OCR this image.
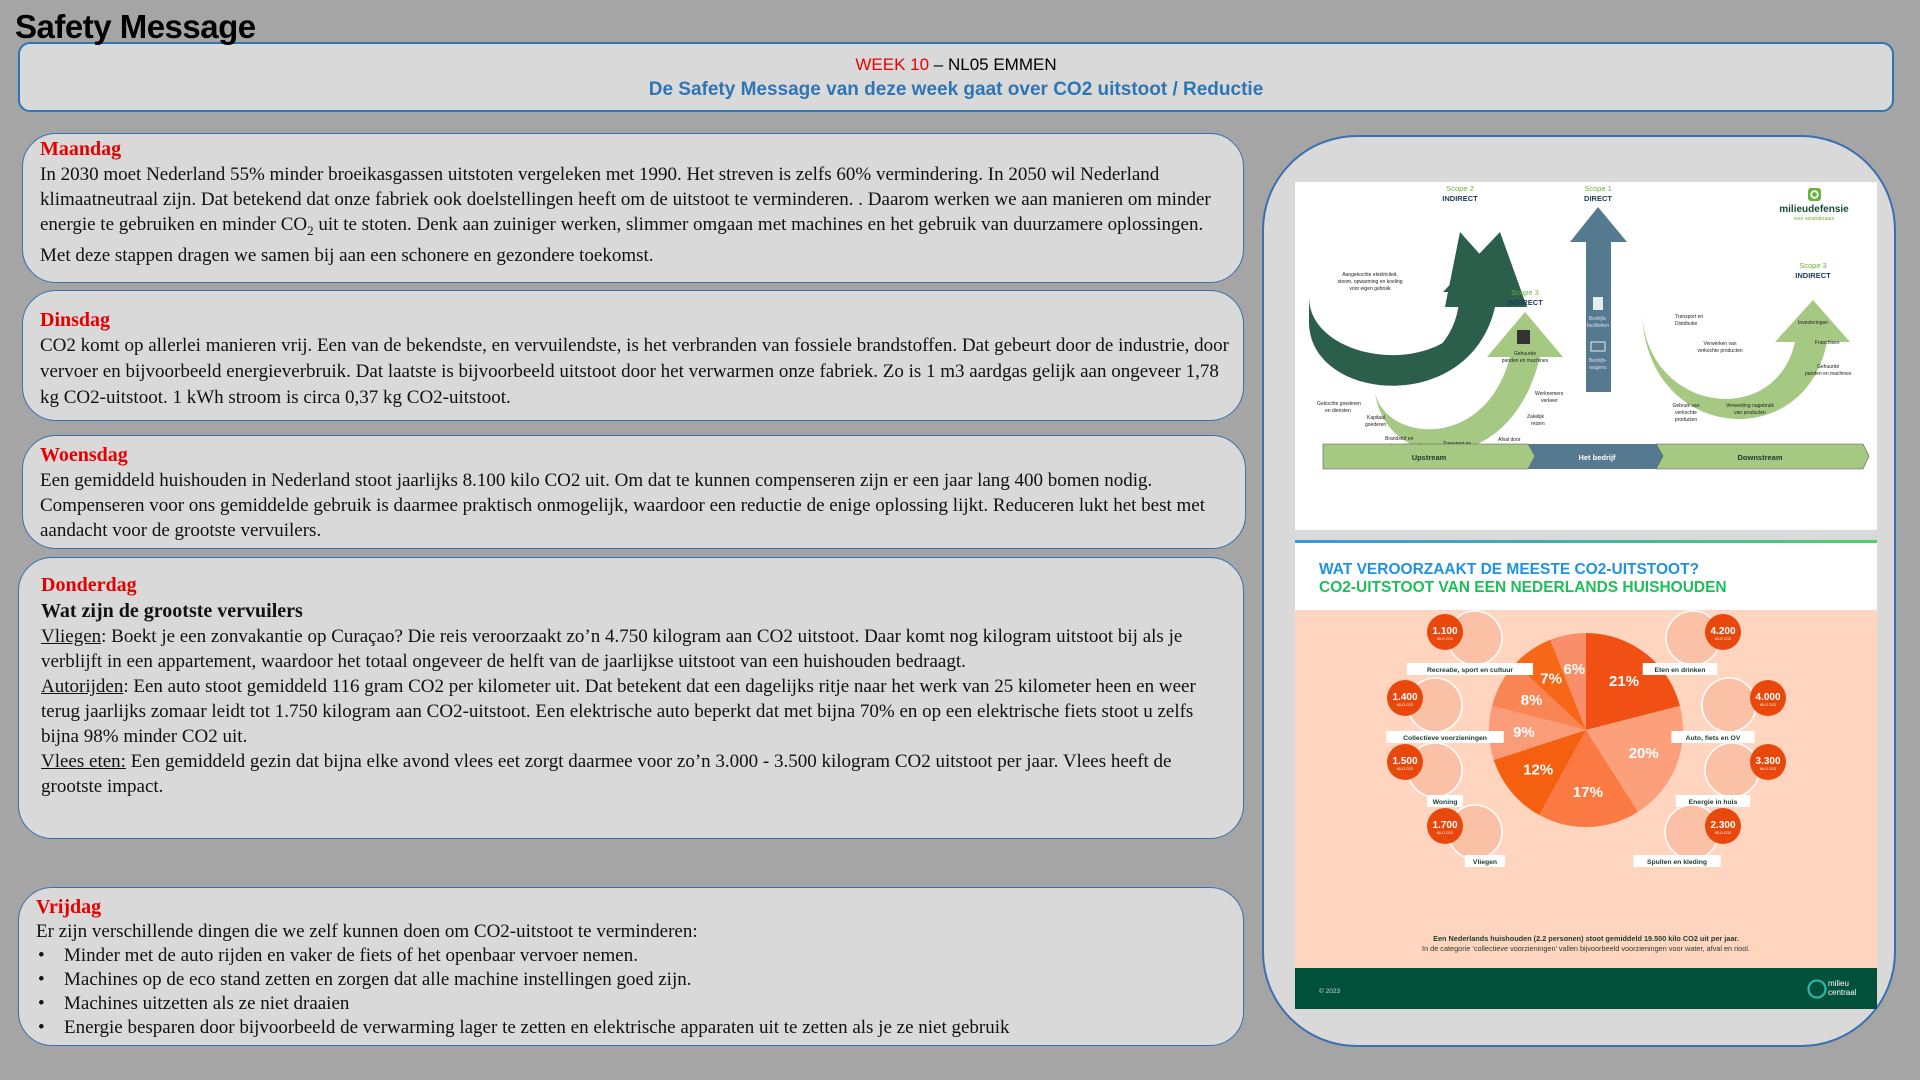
Safety Message
WEEK 10 – NL05 EMMEN
De Safety Message van deze week gaat over CO2 uitstoot / Reductie
Maandag
In 2030 moet Nederland 55% minder broeikasgassen uitstoten vergeleken met 1990. Het streven is zelfs 60% vermindering. In 2050 wil Nederland klimaatneutraal zijn. Dat betekend dat onze fabriek ook doelstellingen heeft om de uitstoot te verminderen. . Daarom werken we aan manieren om minder energie te gebruiken en minder $CO_2$ uit te stoten. Denk aan zuiniger werken, slimmer omgaan met machines en het gebruik van duurzamere oplossingen. Met deze stappen dragen we samen bij aan een schonere en gezondere toekomst.
Dinsdag
CO2 komt op allerlei manieren vrij. Een van de bekendste, en vervuilendste, is het verbranden van fossiele brandstoffen. Dat gebeurt door de industrie, door vervoer en bijvoorbeeld energieverbruik. Dat laatste is bijvoorbeeld uitstoot door het verwarmen onze fabriek. Zo is 1 m3 aardgas gelijk aan ongeveer 1,78 kg CO2-uitstoot. 1 kWh stroom is circa 0,37 kg CO2-uitstoot.
Woensdag
Een gemiddeld huishouden in Nederland stoot jaarlijks 8.100 kilo CO2 uit. Om dat te kunnen compenseren zijn er een jaar lang 400 bomen nodig. Compenseren voor ons gemiddelde gebruik is daarmee praktisch onmogelijk, waardoor een reductie de enige oplossing lijkt. Reduceren lukt het best met aandacht voor de grootste vervuilers.
Donderdag
Wat zijn de grootste vervuilers
Vliegen: Boekt je een zonvakantie op Curaçao? Die reis veroorzaakt zo’n 4.750 kilogram aan CO2 uitstoot. Daar komt nog kilogram uitstoot bij als je verblijft in een appartement, waardoor het totaal ongeveer de helft van de jaarlijkse uitstoot van een huishouden bedraagt.
Autorijden: Een auto stoot gemiddeld 116 gram CO2 per kilometer uit. Dat betekent dat een dagelijks ritje naar het werk van 25 kilometer heen en weer terug jaarlijks zomaar leidt tot 1.750 kilogram aan CO2-uitstoot. Een elektrische auto beperkt dat met bijna 70% en op een elektrische fiets stoot u zelfs bijna 98% minder CO2 uit.
Vlees eten: Een gemiddeld gezin dat bijna elke avond vlees eet zorgt daarmee voor zo’n 3.000 - 3.500 kilogram CO2 uitstoot per jaar. Vlees heeft de grootste impact.
Vrijdag
Er zijn verschillende dingen die we zelf kunnen doen om CO2-uitstoot te verminderen:
• Minder met de auto rijden en vaker de fiets of het openbaar vervoer nemen.
• Machines op de eco stand zetten en zorgen dat alle machine instellingen goed zijn.
• Machines uitzetten als ze niet draaien
• Energie besparen door bijvoorbeeld de verwarming lager te zetten en elektrische apparaten uit te zetten als je ze niet gebruik
milieudefensie
voor veranderaars
Scope 2
INDIRECT
Aangekochte elektriciteit,
stoom, opwarming en koeling
voor eigen gebruik	Scope 3
INDIRECT
Gehuurde
panden en machines
Werknemers
verkeer
Zakelijk
reizen
Afval door
Brandstof en
Kapitaal
goederen
Gekochte goederen
en diensten
Scope 1
DIRECT
Bedrijfs-
faciliteiten
Bedrijfs-
wagens
Scope 3
INDIRECT
Investeringen
Transport en
Distributie
Verwerken van
verkochte producten
Franchises
Gehuurde
panden en machines
Gebruik van
verkochte
producten
Verwerking nagebruik
van producten
Upstream	Het bedrijf	Downstream
WAT VEROORZAAKT DE MEESTE CO2-UITSTOOT?
CO2-UITSTOOT VAN EEN NEDERLANDS HUISHOUDEN
21%
20%
17%
12%
9%
8%
7%
6%
4.200
KILO CO2
Eten en drinken
4.000
KILO CO2
Auto, fiets en OV
3.300
KILO CO2
Energie in huis
2.300
KILO CO2
Spullen en kleding
1.700
KILO CO2
Vliegen
1.500
KILO CO2
Woning
1.400
KILO CO2
Collectieve voorzieningen
1.100
KILO CO2
Recreatie, sport en cultuur
Een Nederlands huishouden (2.2 personen) stoot gemiddeld 19.500 kilo CO2 uit per jaar.
In de categorie ‘collectieve voorzieningen’ vallen bijvoorbeeld voorzieningen voor water, afval en riool.
© 2023
milieu
centraal
